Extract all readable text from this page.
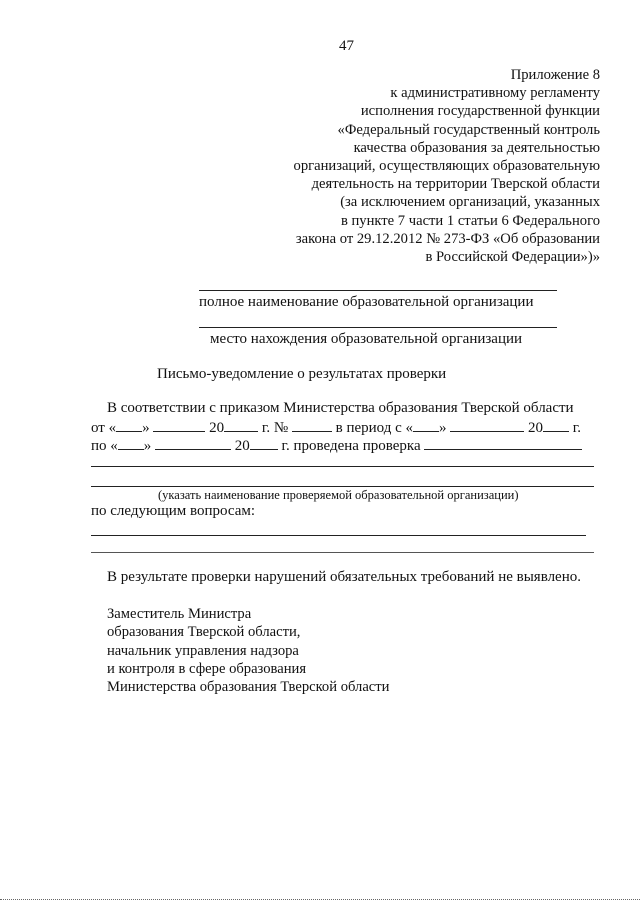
47
Приложение 8
к административному регламенту
исполнения государственной функции
«Федеральный государственный контроль
качества образования за деятельностью
организаций, осуществляющих образовательную
деятельность на территории Тверской области
(за исключением организаций, указанных
в пункте 7 части 1 статьи 6 Федерального
закона от 29.12.2012 № 273-ФЗ «Об образовании
в Российской Федерации»)»
полное наименование образовательной организации
место нахождения образовательной организации
Письмо-уведомление о результатах проверки
В соответствии с приказом Министерства образования Тверской области
от « »	20	г. №	в период с « »	20 г.
по « »	20 г. проведена проверка
(указать наименование проверяемой образовательной организации)
по следующим вопросам:
В результате проверки нарушений обязательных требований не выявлено.
Заместитель Министра
образования Тверской области,
начальник управления надзора
и контроля в сфере образования
Министерства образования Тверской области
